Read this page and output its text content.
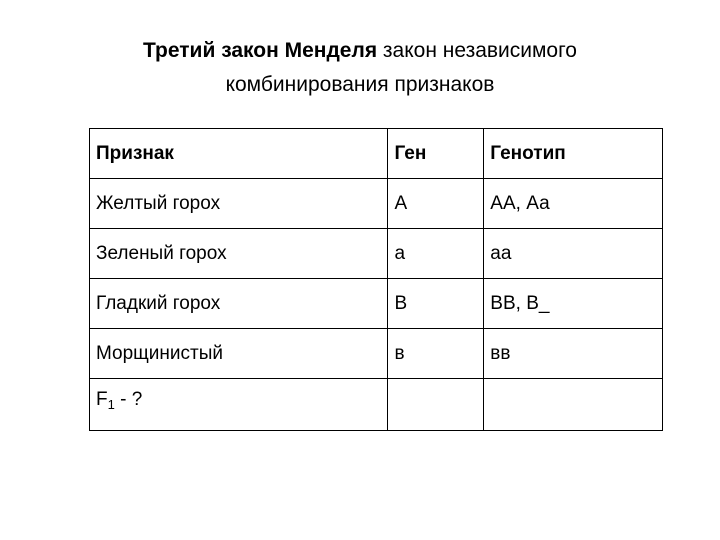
Третий закон Менделя закон независимого
комбинирования признаков
Признак	Ген	Генотип
Желтый горох	А	АА, Аа
Зеленый горох	а	аа
Гладкий горох	В	ВВ, В_
Морщинистый	в	вв
$F_1$ - ?		
